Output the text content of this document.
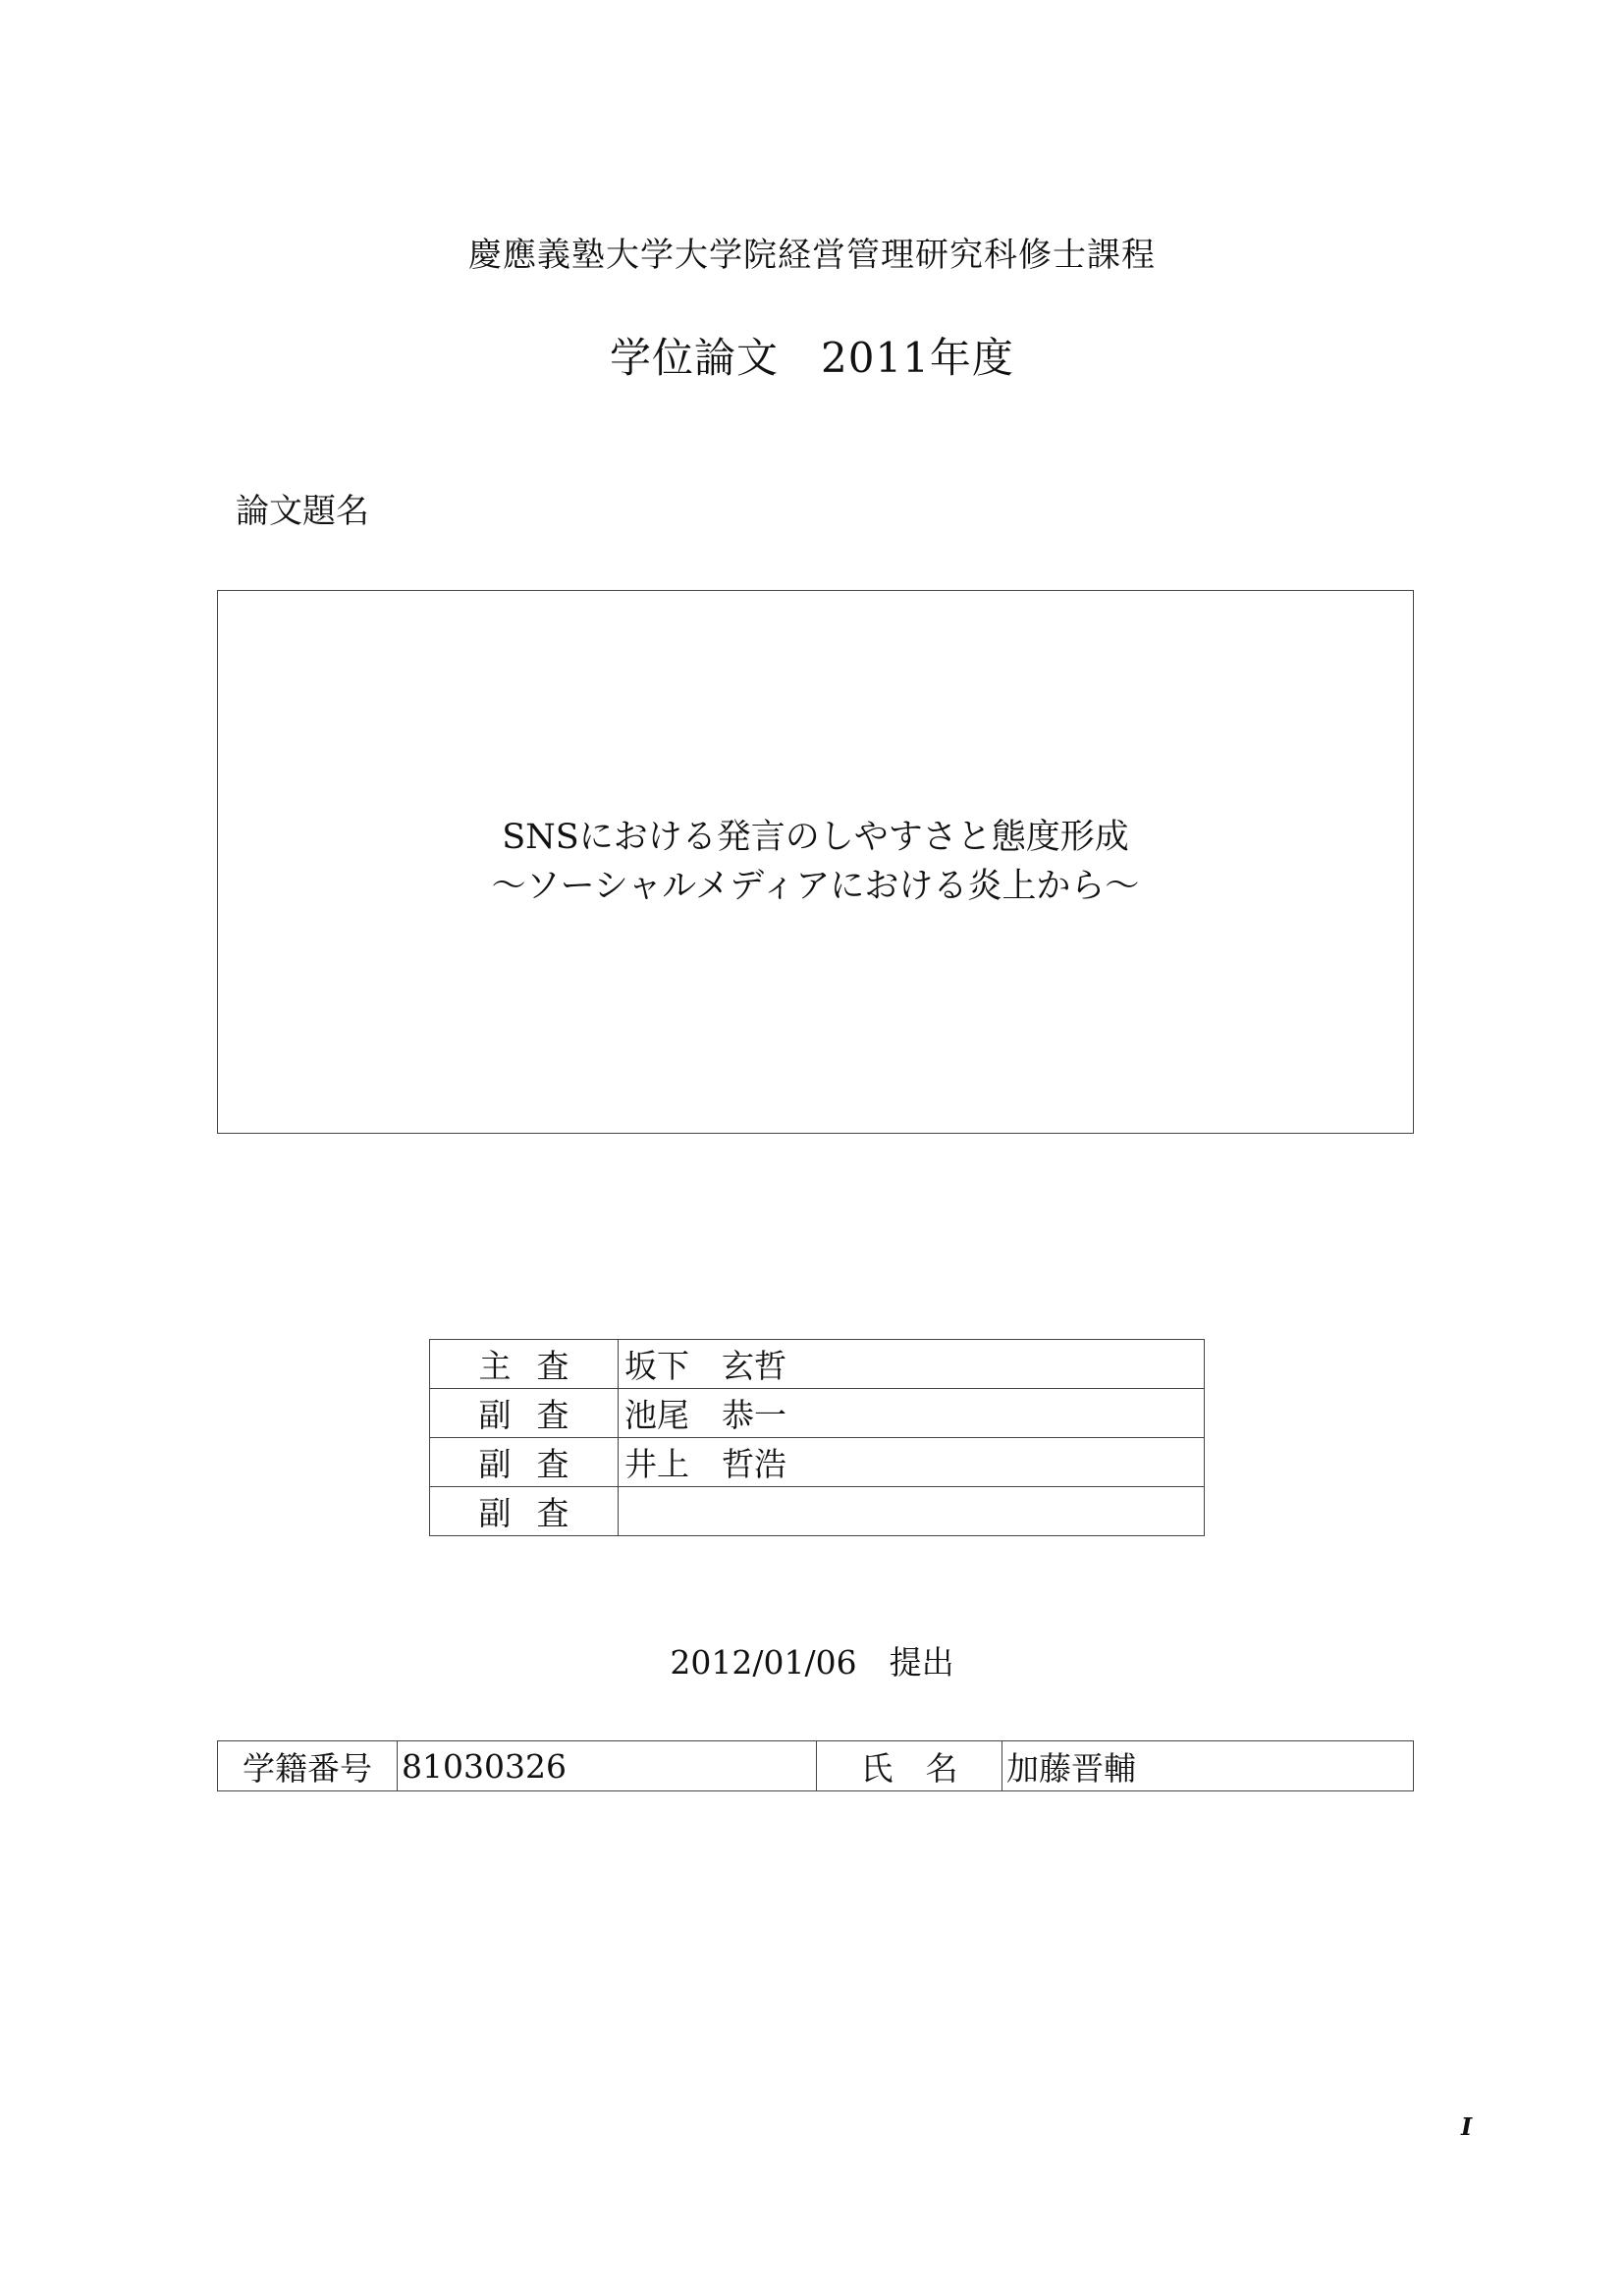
慶應義塾大学大学院経営管理研究科修士課程
学位論文　2011年度
論文題名
SNSにおける発言のしやすさと態度形成
〜ソーシャルメディアにおける炎上から〜
主査	坂下　玄哲
副査	池尾　恭一
副査	井上　哲浩
副査	
2012/01/06　提出
学籍番号	81030326	氏　名	加藤晋輔
I
